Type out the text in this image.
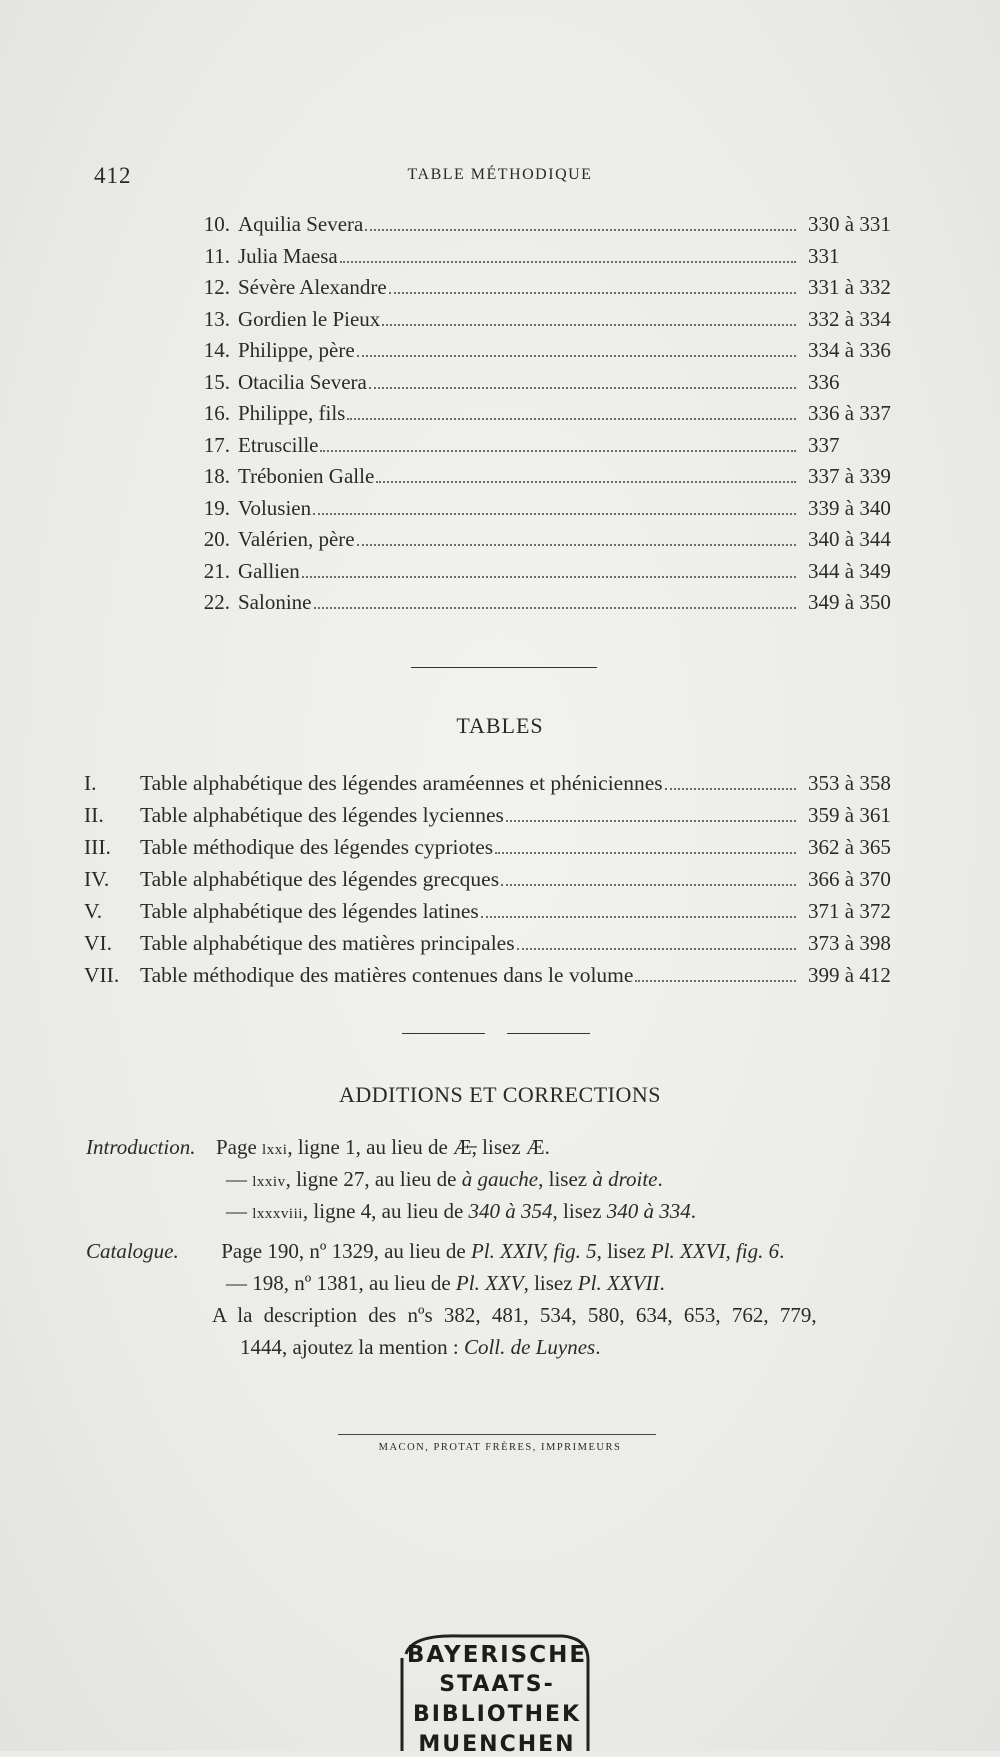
412	TABLE MÉTHODIQUE
10. Aquilia Severa	330 à 331
11. Julia Maesa	331
12. Sévère Alexandre	331 à 332
13. Gordien le Pieux	332 à 334
14. Philippe, père	334 à 336
15. Otacilia Severa	336
16. Philippe, fils	336 à 337
17. Etruscille	337
18. Trébonien Galle	337 à 339
19. Volusien	339 à 340
20. Valérien, père	340 à 344
21. Gallien	344 à 349
22. Salonine	349 à 350
TABLES
I.	Table alphabétique des légendes araméennes et phéniciennes	353 à 358
II.	Table alphabétique des légendes lyciennes	359 à 361
III.	Table méthodique des légendes cypriotes	362 à 365
IV.	Table alphabétique des légendes grecques	366 à 370
V.	Table alphabétique des légendes latines	371 à 372
VI.	Table alphabétique des matières principales	373 à 398
VII. Table méthodique des matières contenues dans le volume	399 à 412
ADDITIONS ET CORRECTIONS
Introduction. Page lxxi, ligne 1, au lieu de Æ̶, lisez Æ.
— lxxiv, ligne 27, au lieu de à gauche, lisez à droite.
— lxxxviii, ligne 4, au lieu de 340 à 354, lisez 340 à 334.
Catalogue. Page 190, nº 1329, au lieu de Pl. XXIV, fig. 5, lisez Pl. XXVI, fig. 6.
— 198, nº 1381, au lieu de Pl. XXV, lisez Pl. XXVII.
A la description des nºs 382, 481, 534, 580, 634, 653, 762, 779,
1444, ajoutez la mention : Coll. de Luynes.
MACON, PROTAT FRÈRES, IMPRIMEURS
BAYERISCHE
STAATS-
BIBLIOTHEK
MUENCHEN
